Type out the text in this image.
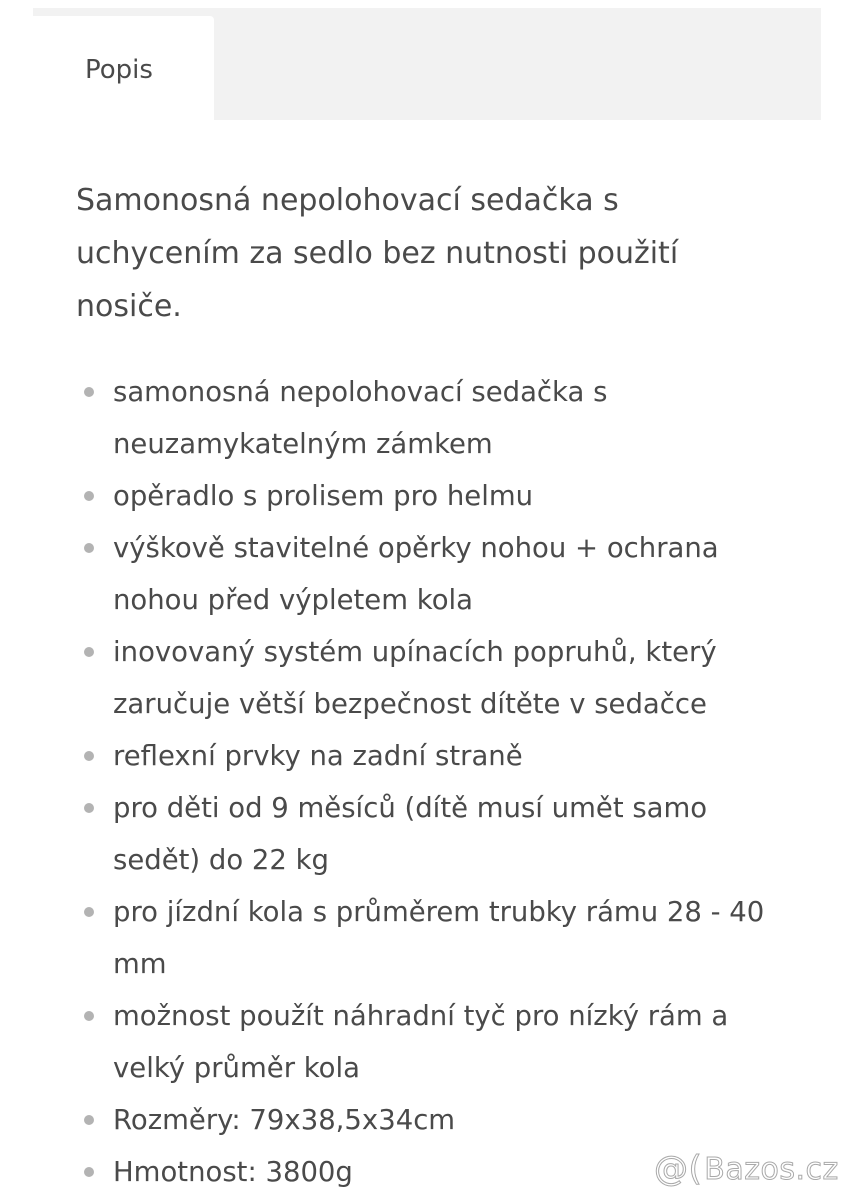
Popis

Samonosná nepolohovací sedačka s uchycením za sedlo bez nutnosti použití nosiče.

samonosná nepolohovací sedačka s neuzamykatelným zámkem
opěradlo s prolisem pro helmu
výškově stavitelné opěrky nohou + ochrana nohou před výpletem kola
inovovaný systém upínacích popruhů, který zaručuje větší bezpečnost dítěte v sedačce
reflexní prvky na zadní straně
pro děti od 9 měsíců (dítě musí umět samo sedět) do 22 kg
pro jízdní kola s průměrem trubky rámu 28 - 40 mm
možnost použít náhradní tyč pro nízký rám a velký průměr kola
Rozměry: 79x38,5x34cm
Hmotnost: 3800g	@( Bazos.cz
